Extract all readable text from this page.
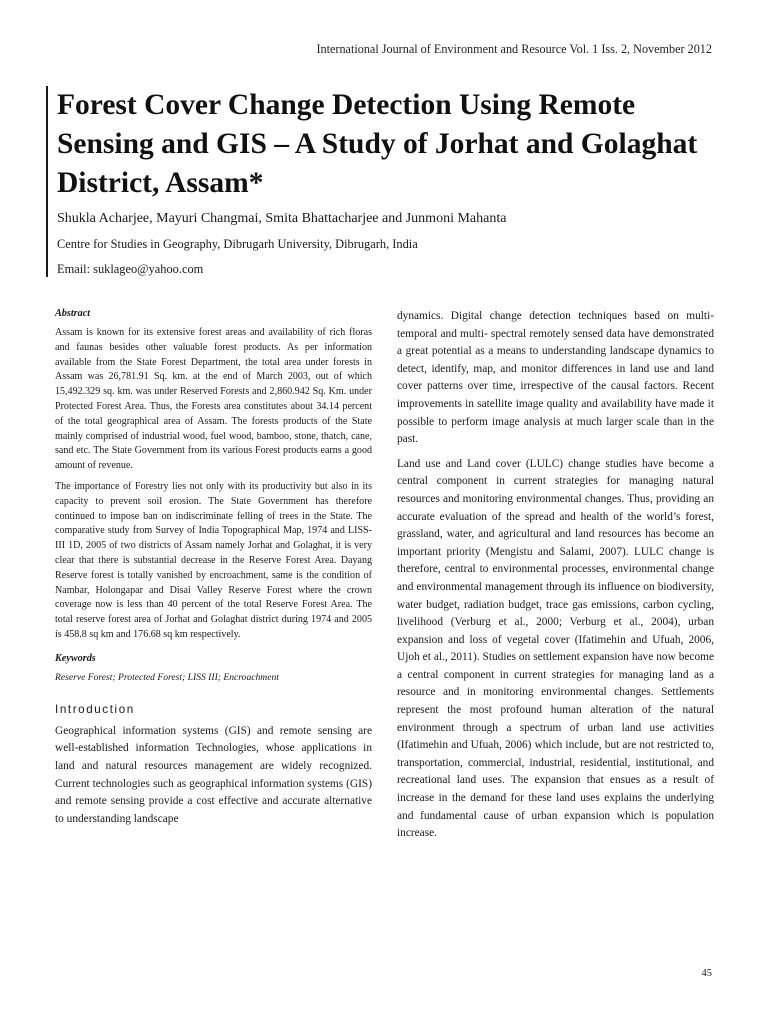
International Journal of Environment and Resource Vol. 1 Iss. 2, November 2012
Forest Cover Change Detection Using Remote Sensing and GIS – A Study of Jorhat and Golaghat District, Assam*
Shukla Acharjee, Mayuri Changmai, Smita Bhattacharjee and Junmoni Mahanta
Centre for Studies in Geography, Dibrugarh University, Dibrugarh, India
Email: suklageo@yahoo.com
Abstract

Assam is known for its extensive forest areas and availability of rich floras and faunas besides other valuable forest products. As per information available from the State Forest Department, the total area under forests in Assam was 26,781.91 Sq. km. at the end of March 2003, out of which 15,492.329 sq. km. was under Reserved Forests and 2,860.942 Sq. Km. under Protected Forest Area. Thus, the Forests area constitutes about 34.14 percent of the total geographical area of Assam. The forests products of the State mainly comprised of industrial wood, fuel wood, bamboo, stone, thatch, cane, sand etc. The State Government from its various Forest products earns a good amount of revenue.

The importance of Forestry lies not only with its productivity but also in its capacity to prevent soil erosion. The State Government has therefore continued to impose ban on indiscriminate felling of trees in the State. The comparative study from Survey of India Topographical Map, 1974 and LISS-III 1D, 2005 of two districts of Assam namely Jorhat and Golaghat, it is very clear that there is substantial decrease in the Reserve Forest Area. Dayang Reserve forest is totally vanished by encroachment, same is the condition of Nambar, Holongapar and Disai Valley Reserve Forest where the crown coverage now is less than 40 percent of the total Reserve Forest Area. The total reserve forest area of Jorhat and Golaghat district during 1974 and 2005 is 458.8 sq km and 176.68 sq km respectively.

Keywords
Reserve Forest; Protected Forest; LISS III; Encroachment
Introduction

Geographical information systems (GIS) and remote sensing are well-established information Technologies, whose applications in land and natural resources management are widely recognized. Current technologies such as geographical information systems (GIS) and remote sensing provide a cost effective and accurate alternative to understanding landscape

dynamics. Digital change detection techniques based on multi-temporal and multi- spectral remotely sensed data have demonstrated a great potential as a means to understanding landscape dynamics to detect, identify, map, and monitor differences in land use and land cover patterns over time, irrespective of the causal factors. Recent improvements in satellite image quality and availability have made it possible to perform image analysis at much larger scale than in the past.

Land use and Land cover (LULC) change studies have become a central component in current strategies for managing natural resources and monitoring environmental changes. Thus, providing an accurate evaluation of the spread and health of the world’s forest, grassland, water, and agricultural and land resources has become an important priority (Mengistu and Salami, 2007). LULC change is therefore, central to environmental processes, environmental change and environmental management through its influence on biodiversity, water budget, radiation budget, trace gas emissions, carbon cycling, livelihood (Verburg et al., 2000; Verburg et al., 2004), urban expansion and loss of vegetal cover (Ifatimehin and Ufuah, 2006, Ujoh et al., 2011). Studies on settlement expansion have now become a central component in current strategies for managing land as a resource and in monitoring environmental changes. Settlements represent the most profound human alteration of the natural environment through a spectrum of urban land use activities (Ifatimehin and Ufuah, 2006) which include, but are not restricted to, transportation, commercial, industrial, residential, institutional, and recreational land uses. The expansion that ensues as a result of increase in the demand for these land uses explains the underlying and fundamental cause of urban expansion which is population increase.

45
